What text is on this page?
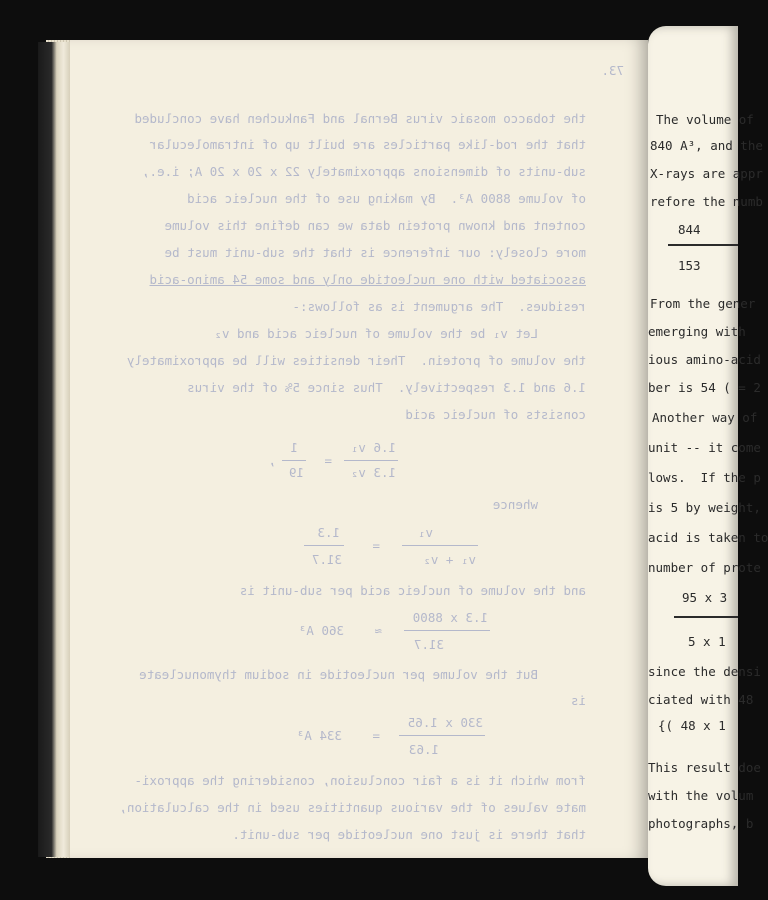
73.
the tobacco mosaic virus Bernal and Fankuchen have concluded
that the rod-like particles are built up of intramolecular
sub-units of dimensions approximately 22 x 20 x 20 A; i.e.,
of volume 8800 A³.  By making use of the nucleic acid
content and known protein data we can define this volume
more closely: our inference is that the sub-unit must be
associated with one nucleotide only and some 54 amino-acid
residues.  The argument is as follows:-
Let v₁ be the volume of nucleic acid and v₂
the volume of protein.  Their densities will be approximately
1.6 and 1.3 respectively.  Thus since 5% of the virus
consists of nucleic acid
1.6 v₁
1.3 v₂
=
1
19
,
whence
v₁
v₁ + v₂
=
1.3
31.7
and the volume of nucleic acid per sub-unit is
1.3 x 8800
31.7
≈
360 A³
But the volume per nucleotide in sodium thymonucleate
is
330 x 1.65
1.63
=
334 A³
from which it is a fair conclusion, considering the approxi-
mate values of the various quantities used in the calculation,
that there is just one nucleotide per sub-unit.
The volume of
840 A³, and the
X-rays are appr
refore the numb
844
153
From the gener
emerging with
ious amino-acid
ber is 54 ( = 2
Another way of
unit -- it come
lows.  If the p
is 5 by weight,
acid is taken to
number of prote
95 x 3
5 x 1
since the densi
ciated with 48
{( 48 x 1
This result doe
with the volum
photographs, b
